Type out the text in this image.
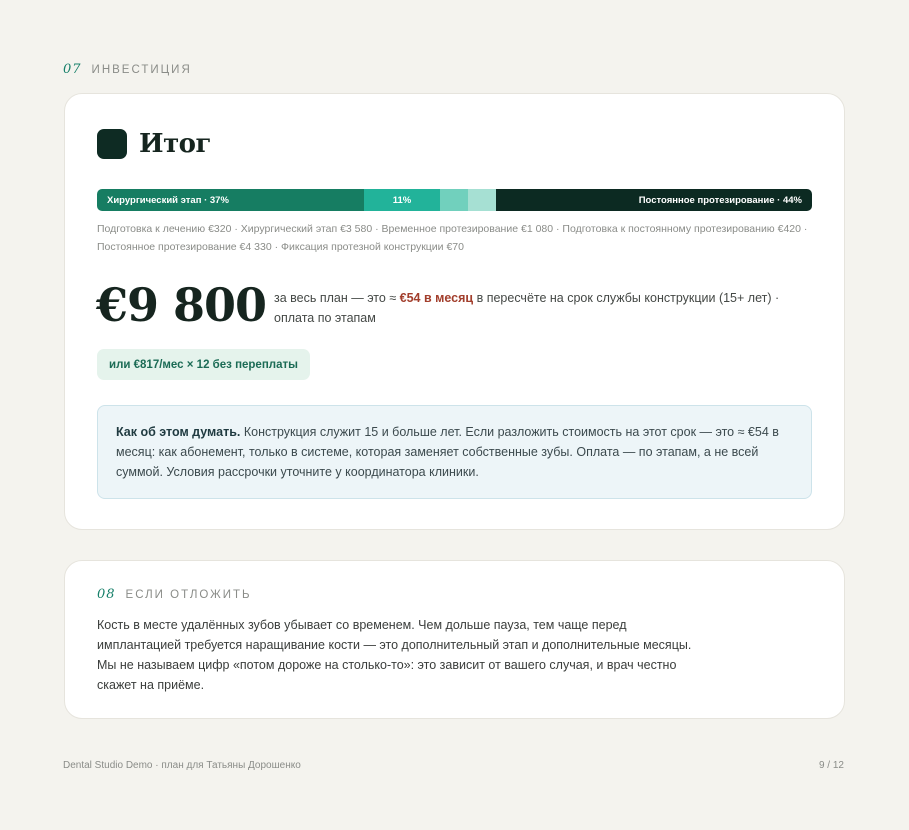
07 ИНВЕСТИЦИЯ
Итог
Хирургический этап · 37%	11%	Постоянное протезирование · 44%
Подготовка к лечению €320 · Хирургический этап €3 580 · Временное протезирование €1 080 · Подготовка к постоянному протезированию €420 · Постоянное протезирование €4 330 · Фиксация протезной конструкции €70
€9 800 за весь план — это ≈ €54 в месяц в пересчёте на срок службы конструкции (15+ лет) · оплата по этапам
или €817/мес × 12 без переплаты
Как об этом думать. Конструкция служит 15 и больше лет. Если разложить стоимость на этот срок — это ≈ €54 в месяц: как абонемент, только в системе, которая заменяет собственные зубы. Оплата — по этапам, а не всей суммой. Условия рассрочки уточните у координатора клиники.
08 ЕСЛИ ОТЛОЖИТЬ
Кость в месте удалённых зубов убывает со временем. Чем дольше пауза, тем чаще перед имплантацией требуется наращивание кости — это дополнительный этап и дополнительные месяцы. Мы не называем цифр «потом дороже на столько-то»: это зависит от вашего случая, и врач честно скажет на приёме.
Dental Studio Demo · план для Татьяны Дорошенко	9 / 12
